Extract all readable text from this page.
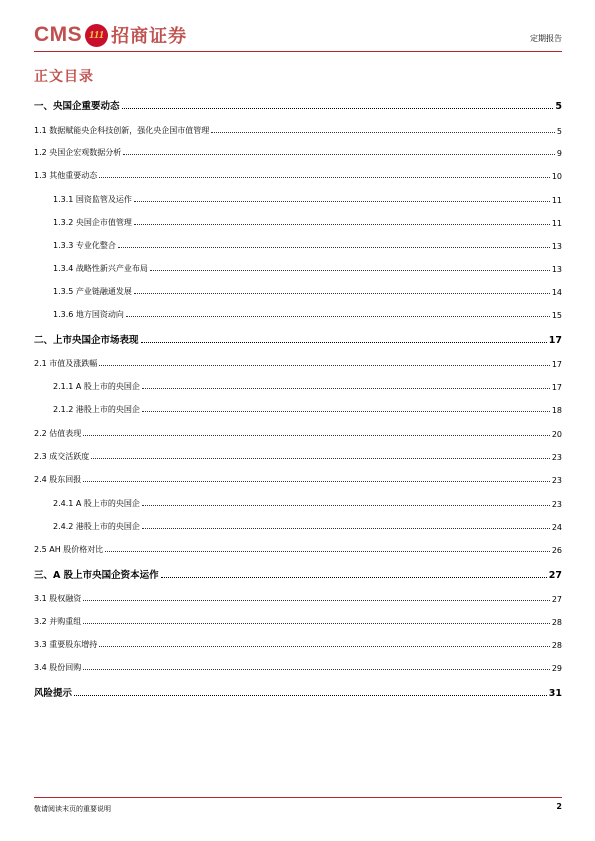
CMS 111 招商证券	定期报告
正文目录
一、央国企重要动态	5
1.1 数据赋能央企科技创新，强化央企国市值管理	5
1.2 央国企宏观数据分析	9
1.3 其他重要动态	10
1.3.1 国资监管及运作	11
1.3.2 央国企市值管理	11
1.3.3 专业化整合	13
1.3.4 战略性新兴产业布局	13
1.3.5 产业链融通发展	14
1.3.6 地方国资动向	15
二、上市央国企市场表现	17
2.1 市值及涨跌幅	17
2.1.1 A 股上市的央国企	17
2.1.2 港股上市的央国企	18
2.2 估值表现	20
2.3 成交活跃度	23
2.4 股东回报	23
2.4.1 A 股上市的央国企	23
2.4.2 港股上市的央国企	24
2.5 AH 股价格对比	26
三、A 股上市央国企资本运作	27
3.1 股权融资	27
3.2 并购重组	28
3.3 重要股东增持	28
3.4 股份回购	29
风险提示	31
敬请阅读末页的重要说明	2
